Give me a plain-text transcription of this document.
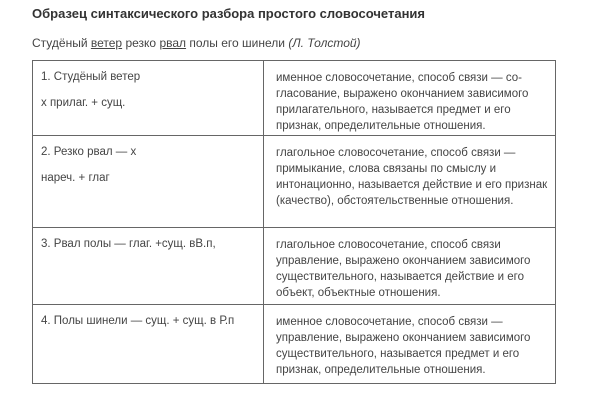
Образец синтаксического разбора простого словосочетания
Студёный ветер резко рвал полы его шинели (Л. Толстой)
1. Студёный ветер
х прилаг. + сущ.	именное словосочетание, способ связи — со-гласование, выражено окончанием зависимого прилагательного, называется предмет и его признак, определительные отношения.

2. Резко рвал — х
нареч. + глаг	глагольное словосочетание, способ связи — примыкание, слова связаны по смыслу и интонационно, называется действие и его признак (качество), обстоятельственные отношения.

3. Рвал полы — глаг. +сущ. вВ.п,	глагольное словосочетание, способ связи управление, выражено окончанием зависимого существительного, называется действие и его объект, объектные отношения.

4. Полы шинели — сущ. + сущ. в Р.п	именное словосочетание, способ связи — управление, выражено окончанием зависимого существительного, называется предмет и его признак, определительные отношения.
